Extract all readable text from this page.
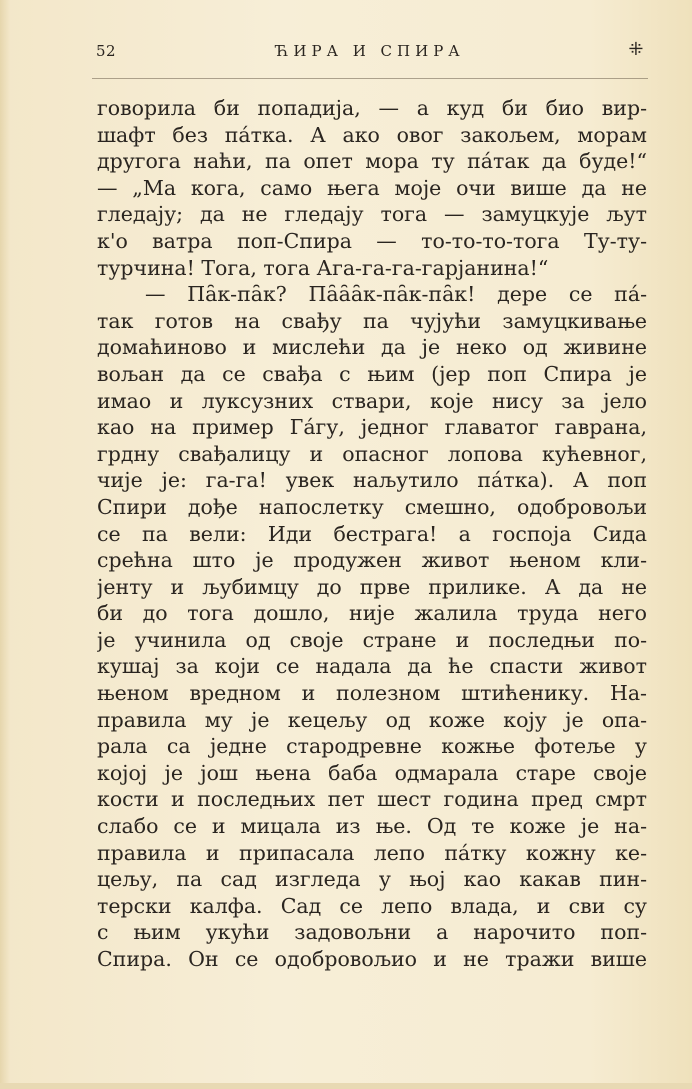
52	ЋИРА И СПИРА	⁜
говорила би попадија, — а куд би био вир-
шафт без па́тка. А ако овог закољем, морам
другога наћи, па опет мора ту па́так да буде!“
— „Ма кога, само њега моје очи више да не
гледају; да не гледају тога — замуцкује љут
к'о ватра поп-Спира — то-то-то-тога Ту-ту-
турчина! Тога, тога Ага-га-га-гарјанина!“
— Па̑к-па̑к? Па̑а̑а̑к-па̑к-па̑к! дере се па́-
так готов на свађу па чујући замуцкивање
домаћиново и мислећи да је неко од живине
вољан да се свађа с њим (јер поп Спира је
имао и луксузних ствари, које нису за јело
као на пример Га́гу, једног главатог гаврана,
грдну свађалицу и опасног лопова кућевног,
чије је: га-га! увек наљутило па́тка). А поп
Спири дође напослетку смешно, одобровољи
се па вели: Иди бестрага! а госпоја Сида
срећна што је продужен живот њеном кли-
јенту и љубимцу до прве прилике. А да не
би до тога дошло, није жалила труда него
је учинила од своје стране и последњи по-
кушај за који се надала да ће спасти живот
њеном вредном и полезном штићенику. На-
правила му је кецељу од коже коју је опа-
рала са једне стародревне кожње фотеље у
којој је још њена баба одмарала старе своје
кости и последњих пет шест година пред смрт
слабо се и мицала из ње. Од те коже је на-
правила и припасала лепо па́тку кожну ке-
цељу, па сад изгледа у њој као какав пин-
терски калфа. Сад се лепо влада, и сви су
с њим укући задовољни а нарочито поп-
Спира. Он се одобровољио и не тражи више
